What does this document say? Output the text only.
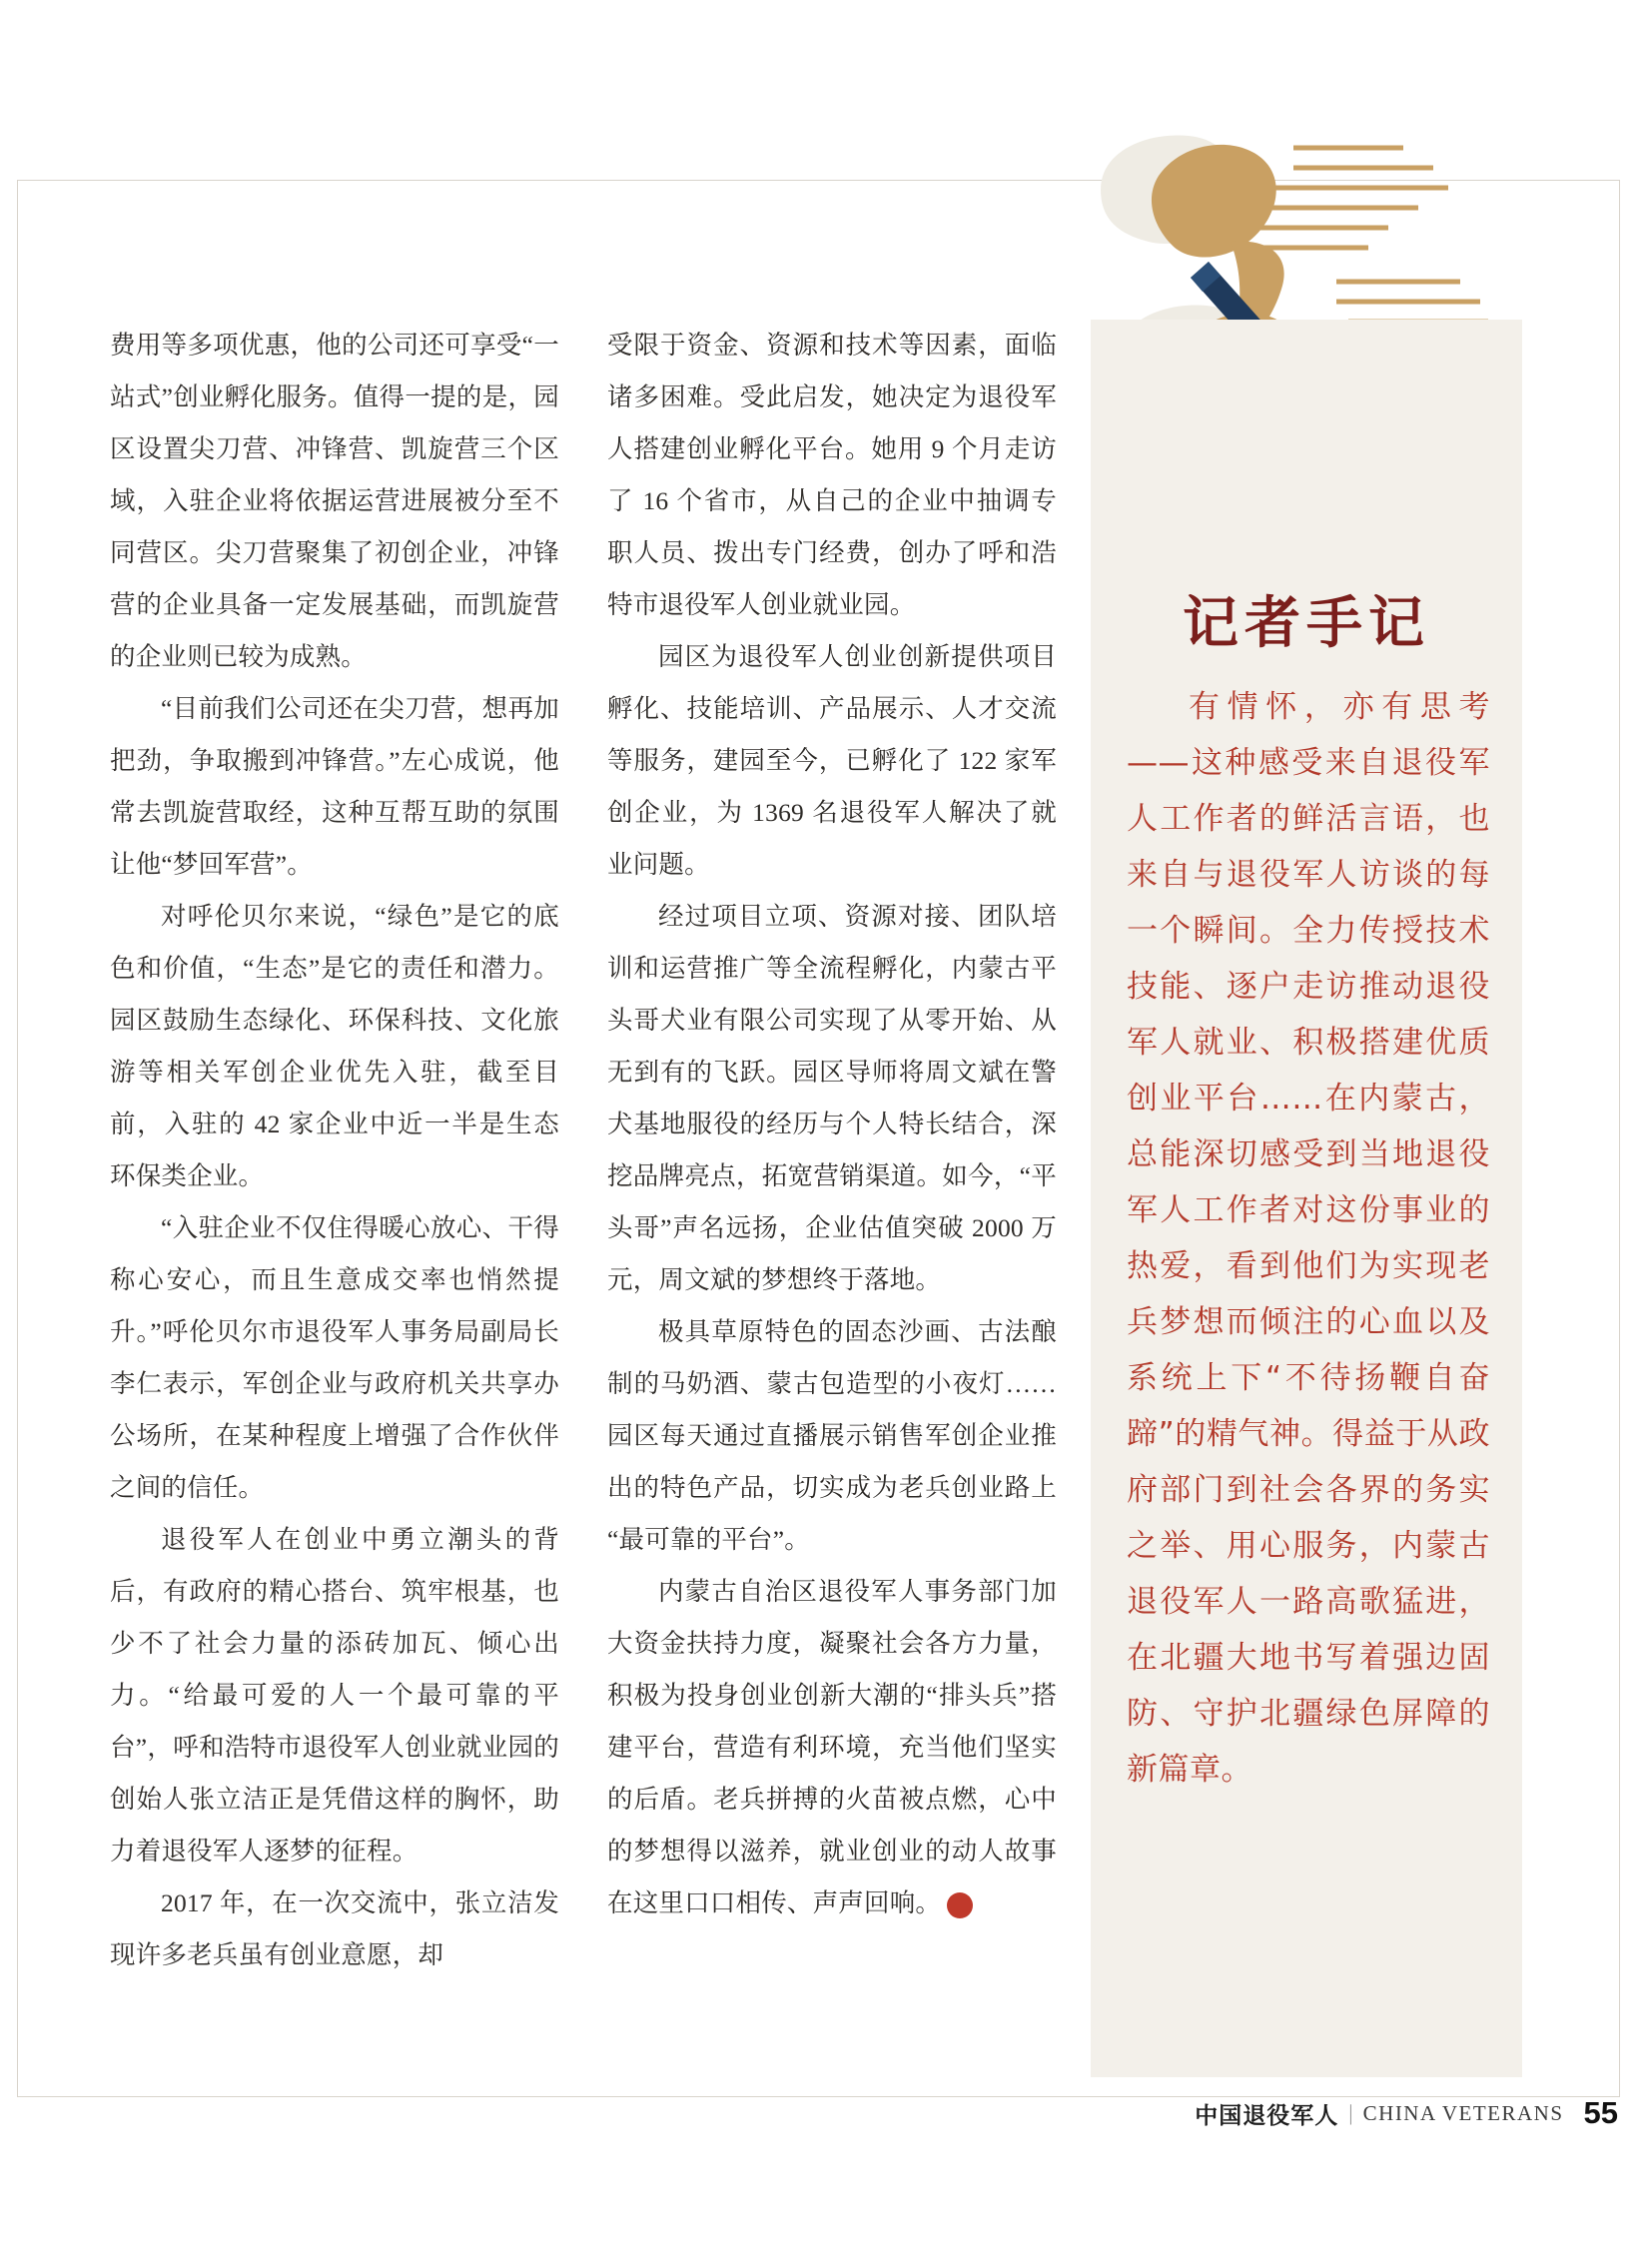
费用等多项优惠，他的公司还可享受“一站式”创业孵化服务。值得一提的是，园区设置尖刀营、冲锋营、凯旋营三个区域，入驻企业将依据运营进展被分至不同营区。尖刀营聚集了初创企业，冲锋营的企业具备一定发展基础，而凯旋营的企业则已较为成熟。

“目前我们公司还在尖刀营，想再加把劲，争取搬到冲锋营。”左心成说，他常去凯旋营取经，这种互帮互助的氛围让他“梦回军营”。

对呼伦贝尔来说，“绿色”是它的底色和价值，“生态”是它的责任和潜力。园区鼓励生态绿化、环保科技、文化旅游等相关军创企业优先入驻，截至目前，入驻的 42 家企业中近一半是生态环保类企业。

“入驻企业不仅住得暖心放心、干得称心安心，而且生意成交率也悄然提升。”呼伦贝尔市退役军人事务局副局长李仁表示，军创企业与政府机关共享办公场所，在某种程度上增强了合作伙伴之间的信任。

退役军人在创业中勇立潮头的背后，有政府的精心搭台、筑牢根基，也少不了社会力量的添砖加瓦、倾心出力。“给最可爱的人一个最可靠的平台”，呼和浩特市退役军人创业就业园的创始人张立洁正是凭借这样的胸怀，助力着退役军人逐梦的征程。

2017 年，在一次交流中，张立洁发现许多老兵虽有创业意愿，却

受限于资金、资源和技术等因素，面临诸多困难。受此启发，她决定为退役军人搭建创业孵化平台。她用 9 个月走访了 16 个省市，从自己的企业中抽调专职人员、拨出专门经费，创办了呼和浩特市退役军人创业就业园。

园区为退役军人创业创新提供项目孵化、技能培训、产品展示、人才交流等服务，建园至今，已孵化了 122 家军创企业，为 1369 名退役军人解决了就业问题。

经过项目立项、资源对接、团队培训和运营推广等全流程孵化，内蒙古平头哥犬业有限公司实现了从零开始、从无到有的飞跃。园区导师将周文斌在警犬基地服役的经历与个人特长结合，深挖品牌亮点，拓宽营销渠道。如今，“平头哥”声名远扬，企业估值突破 2000 万元，周文斌的梦想终于落地。

极具草原特色的固态沙画、古法酿制的马奶酒、蒙古包造型的小夜灯……园区每天通过直播展示销售军创企业推出的特色产品，切实成为老兵创业路上“最可靠的平台”。

内蒙古自治区退役军人事务部门加大资金扶持力度，凝聚社会各方力量，积极为投身创业创新大潮的“排头兵”搭建平台，营造有利环境，充当他们坚实的后盾。老兵拼搏的火苗被点燃，心中的梦想得以滋养，就业创业的动人故事在这里口口相传、声声回响。	V

记者手记

有情怀，亦有思考——这种感受来自退役军人工作者的鲜活言语，也来自与退役军人访谈的每一个瞬间。全力传授技术技能、逐户走访推动退役军人就业、积极搭建优质创业平台……在内蒙古，总能深切感受到当地退役军人工作者对这份事业的热爱，看到他们为实现老兵梦想而倾注的心血以及系统上下“不待扬鞭自奋蹄”的精气神。得益于从政府部门到社会各界的务实之举、用心服务，内蒙古退役军人一路高歌猛进，在北疆大地书写着强边固防、守护北疆绿色屏障的新篇章。

中国退役军人 | CHINA VETERANS 55
